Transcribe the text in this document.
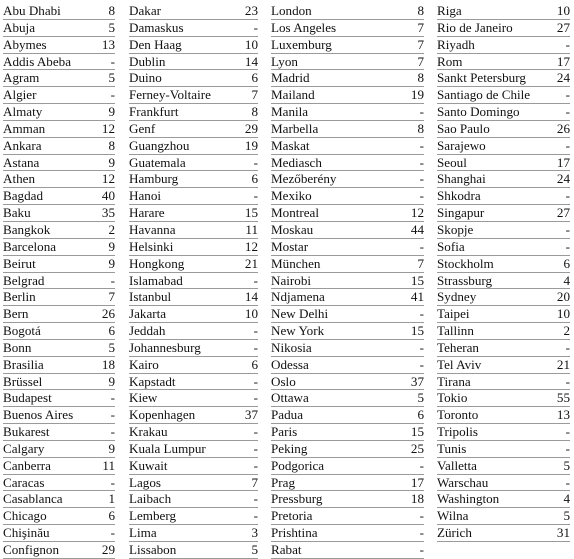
Abu Dhabi	8
Abuja	5
Abymes	13
Addis Abeba	-
Agram	5
Algier	-
Almaty	9
Amman	12
Ankara	8
Astana	9
Athen	12
Bagdad	40
Baku	35
Bangkok	2
Barcelona	9
Beirut	9
Belgrad	-
Berlin	7
Bern	26
Bogotá	6
Bonn	5
Brasilia	18
Brüssel	9
Budapest	-
Buenos Aires	-
Bukarest	-
Calgary	9
Canberra	11
Caracas	-
Casablanca	1
Chicago	6
Chişinău	-
Confignon	29
Dakar	23
Damaskus	-
Den Haag	10
Dublin	14
Duino	6
Ferney-Voltaire	7
Frankfurt	8
Genf	29
Guangzhou	19
Guatemala	-
Hamburg	6
Hanoi	-
Harare	15
Havanna	11
Helsinki	12
Hongkong	21
Islamabad	-
Istanbul	14
Jakarta	10
Jeddah	-
Johannesburg	-
Kairo	6
Kapstadt	-
Kiew	-
Kopenhagen	37
Krakau	-
Kuala Lumpur	-
Kuwait	-
Lagos	7
Laibach	-
Lemberg	-
Lima	3
Lissabon	5
London	8
Los Angeles	7
Luxemburg	7
Lyon	7
Madrid	8
Mailand	19
Manila	-
Marbella	8
Maskat	-
Mediasch	-
Mezőberény	-
Mexiko	-
Montreal	12
Moskau	44
Mostar	-
München	7
Nairobi	15
Ndjamena	41
New Delhi	-
New York	15
Nikosia	-
Odessa	-
Oslo	37
Ottawa	5
Padua	6
Paris	15
Peking	25
Podgorica	-
Prag	17
Pressburg	18
Pretoria	-
Prishtina	-
Rabat	-
Riga	10
Rio de Janeiro	27
Riyadh	-
Rom	17
Sankt Petersburg 24
Santiago de Chile	-
Santo Domingo	-
Sao Paulo	26
Sarajewo	-
Seoul	17
Shanghai	24
Shkodra	-
Singapur	27
Skopje	-
Sofia	-
Stockholm	6
Strassburg	4
Sydney	20
Taipei	10
Tallinn	2
Teheran	-
Tel Aviv	21
Tirana	-
Tokio	55
Toronto	13
Tripolis	-
Tunis	-
Valletta	5
Warschau	-
Washington	4
Wilna	5
Zürich	31
